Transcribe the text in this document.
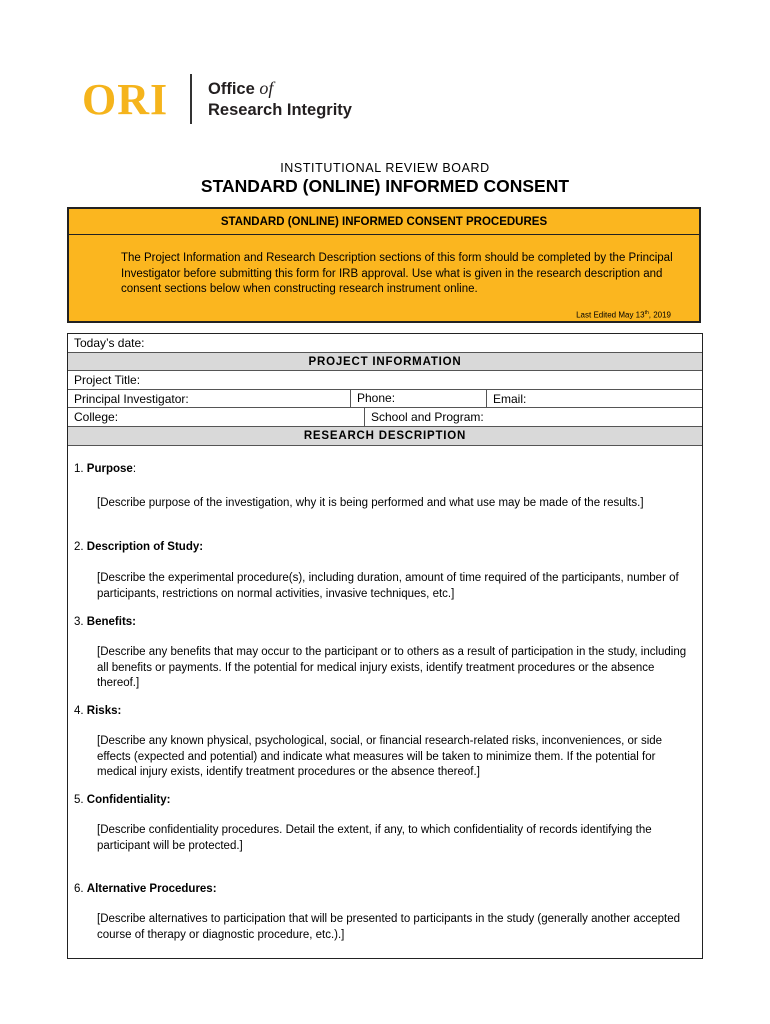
ORI Office of
Research Integrity
INSTITUTIONAL REVIEW BOARD
STANDARD (ONLINE) INFORMED CONSENT
STANDARD (ONLINE) INFORMED CONSENT PROCEDURES
The Project Information and Research Description sections of this form should be completed by the Principal Investigator before submitting this form for IRB approval. Use what is given in the research description and consent sections below when constructing research instrument online.
Last Edited May 13th, 2019
Today’s date:
PROJECT INFORMATION
Project Title:
Principal Investigator:	Phone:	Email:
College:	School and Program:
RESEARCH DESCRIPTION
1. Purpose:
[Describe purpose of the investigation, why it is being performed and what use may be made of the results.]
2. Description of Study:
[Describe the experimental procedure(s), including duration, amount of time required of the participants, number of participants, restrictions on normal activities, invasive techniques, etc.]
3. Benefits:
[Describe any benefits that may occur to the participant or to others as a result of participation in the study, including all benefits or payments. If the potential for medical injury exists, identify treatment procedures or the absence thereof.]
4. Risks:
[Describe any known physical, psychological, social, or financial research-related risks, inconveniences, or side effects (expected and potential) and indicate what measures will be taken to minimize them. If the potential for medical injury exists, identify treatment procedures or the absence thereof.]
5. Confidentiality:
[Describe confidentiality procedures. Detail the extent, if any, to which confidentiality of records identifying the participant will be protected.]
6. Alternative Procedures:
[Describe alternatives to participation that will be presented to participants in the study (generally another accepted course of therapy or diagnostic procedure, etc.).]
